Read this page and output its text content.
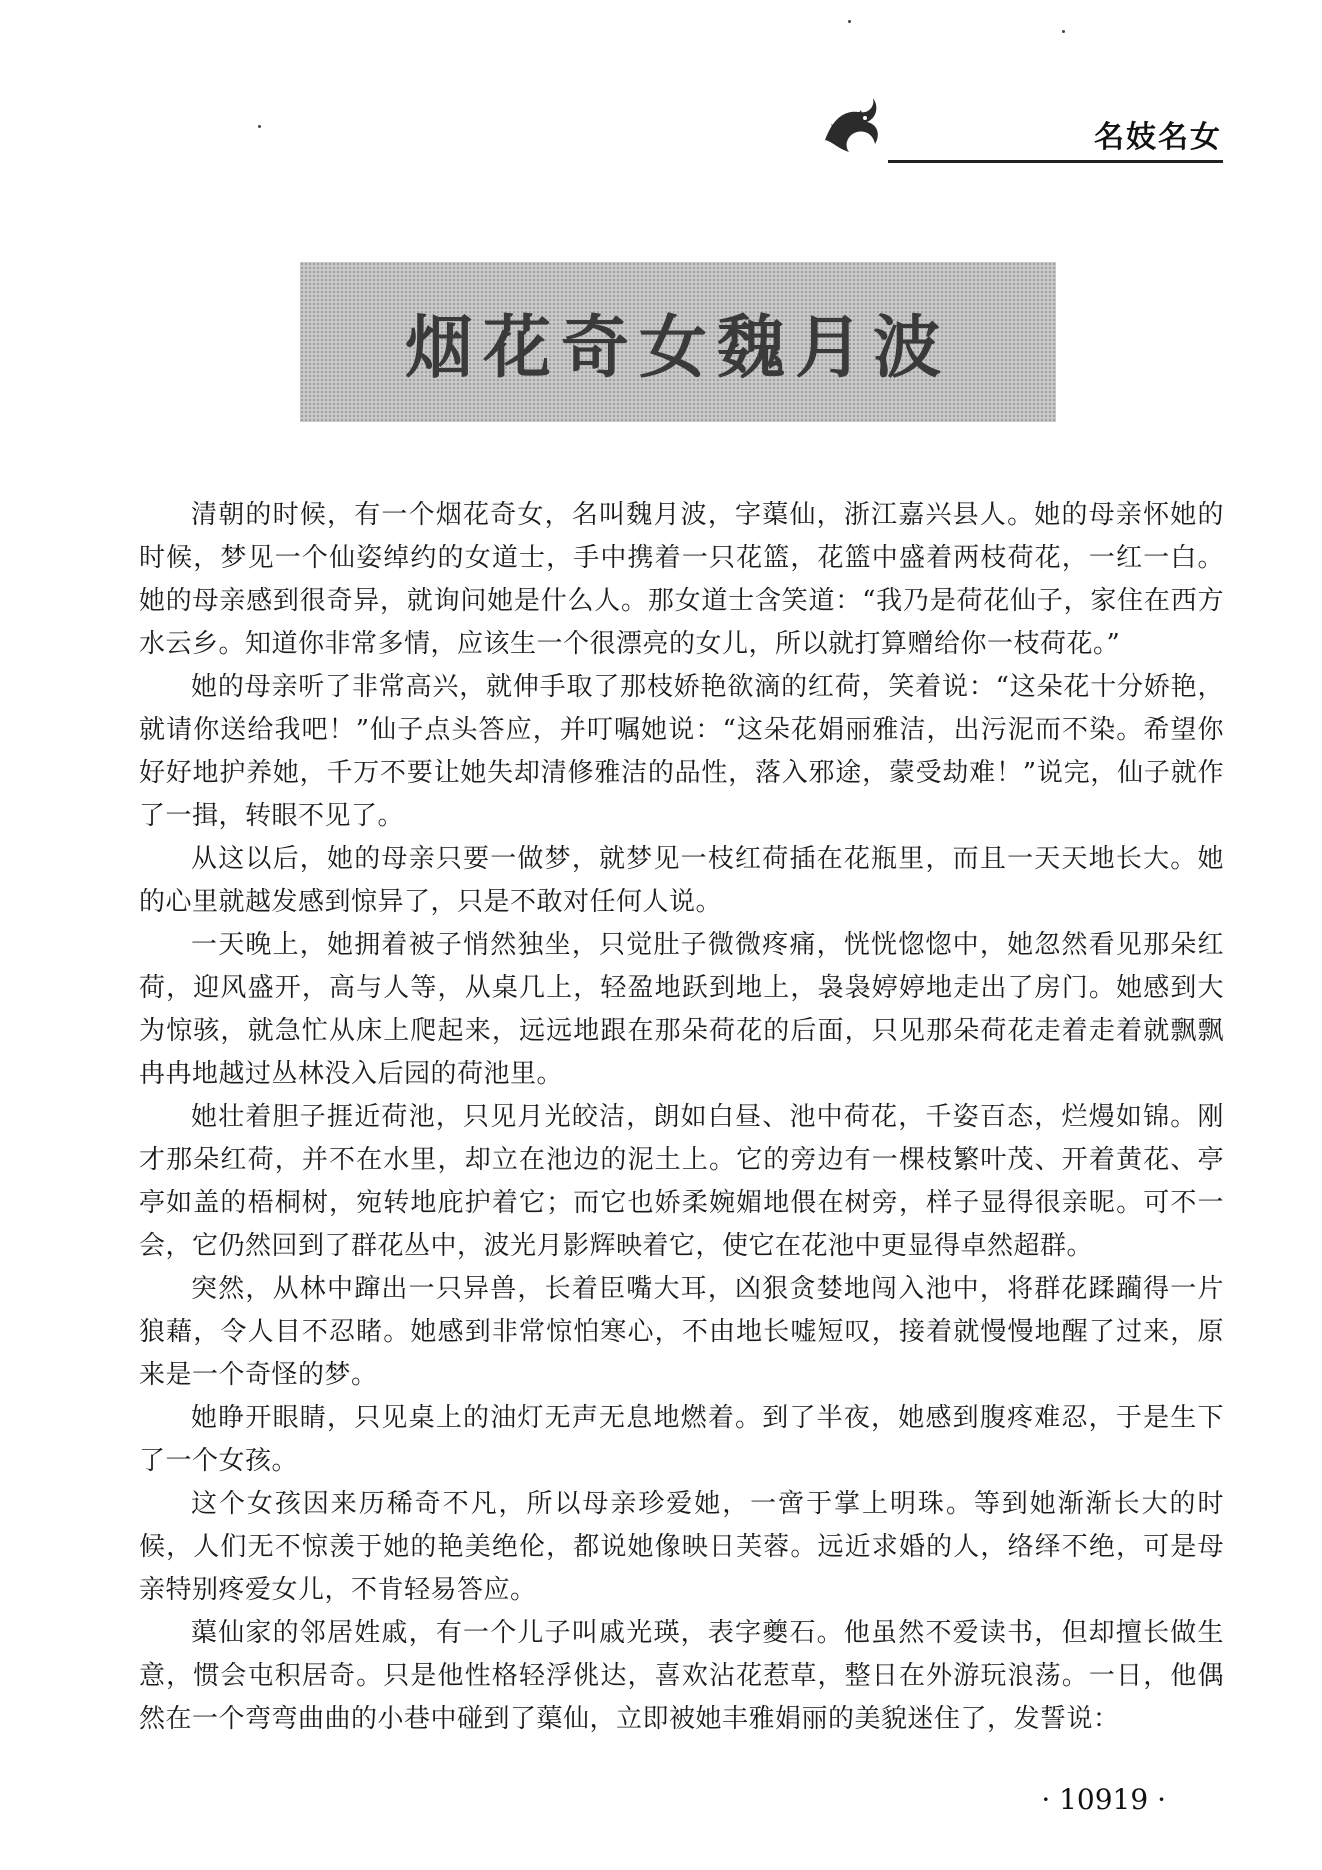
名妓名女
烟花奇女魏月波

清朝的时候，有一个烟花奇女，名叫魏月波，字蕖仙，浙江嘉兴县人。她的母亲怀她的时候，梦见一个仙姿绰约的女道士，手中携着一只花篮，花篮中盛着两枝荷花，一红一白。她的母亲感到很奇异，就询问她是什么人。那女道士含笑道：“我乃是荷花仙子，家住在西方水云乡。知道你非常多情，应该生一个很漂亮的女儿，所以就打算赠给你一枝荷花。”

她的母亲听了非常高兴，就伸手取了那枝娇艳欲滴的红荷，笑着说：“这朵花十分娇艳，就请你送给我吧！”仙子点头答应，并叮嘱她说：“这朵花娟丽雅洁，出污泥而不染。希望你好好地护养她，千万不要让她失却清修雅洁的品性，落入邪途，蒙受劫难！”说完，仙子就作了一揖，转眼不见了。

从这以后，她的母亲只要一做梦，就梦见一枝红荷插在花瓶里，而且一天天地长大。她的心里就越发感到惊异了，只是不敢对任何人说。

一天晚上，她拥着被子悄然独坐，只觉肚子微微疼痛，恍恍惚惚中，她忽然看见那朵红荷，迎风盛开，高与人等，从桌几上，轻盈地跃到地上，袅袅婷婷地走出了房门。她感到大为惊骇，就急忙从床上爬起来，远远地跟在那朵荷花的后面，只见那朵荷花走着走着就飘飘冉冉地越过丛林没入后园的荷池里。

她壮着胆子捱近荷池，只见月光皎洁，朗如白昼、池中荷花，千姿百态，烂熳如锦。刚才那朵红荷，并不在水里，却立在池边的泥土上。它的旁边有一棵枝繁叶茂、开着黄花、亭亭如盖的梧桐树，宛转地庇护着它；而它也娇柔婉媚地偎在树旁，样子显得很亲昵。可不一会，它仍然回到了群花丛中，波光月影辉映着它，使它在花池中更显得卓然超群。

突然，从林中蹿出一只异兽，长着臣嘴大耳，凶狠贪婪地闯入池中，将群花蹂躏得一片狼藉，令人目不忍睹。她感到非常惊怕寒心，不由地长嘘短叹，接着就慢慢地醒了过来，原来是一个奇怪的梦。

她睁开眼睛，只见桌上的油灯无声无息地燃着。到了半夜，她感到腹疼难忍，于是生下了一个女孩。

这个女孩因来历稀奇不凡，所以母亲珍爱她，一啻于掌上明珠。等到她渐渐长大的时候，人们无不惊羡于她的艳美绝伦，都说她像映日芙蓉。远近求婚的人，络绎不绝，可是母亲特别疼爱女儿，不肯轻易答应。

蕖仙家的邻居姓戚，有一个儿子叫戚光瑛，表字夔石。他虽然不爱读书，但却擅长做生意，惯会屯积居奇。只是他性格轻浮佻达，喜欢沾花惹草，整日在外游玩浪荡。一日，他偶然在一个弯弯曲曲的小巷中碰到了蕖仙，立即被她丰雅娟丽的美貌迷住了，发誓说：

· 10919 ·
